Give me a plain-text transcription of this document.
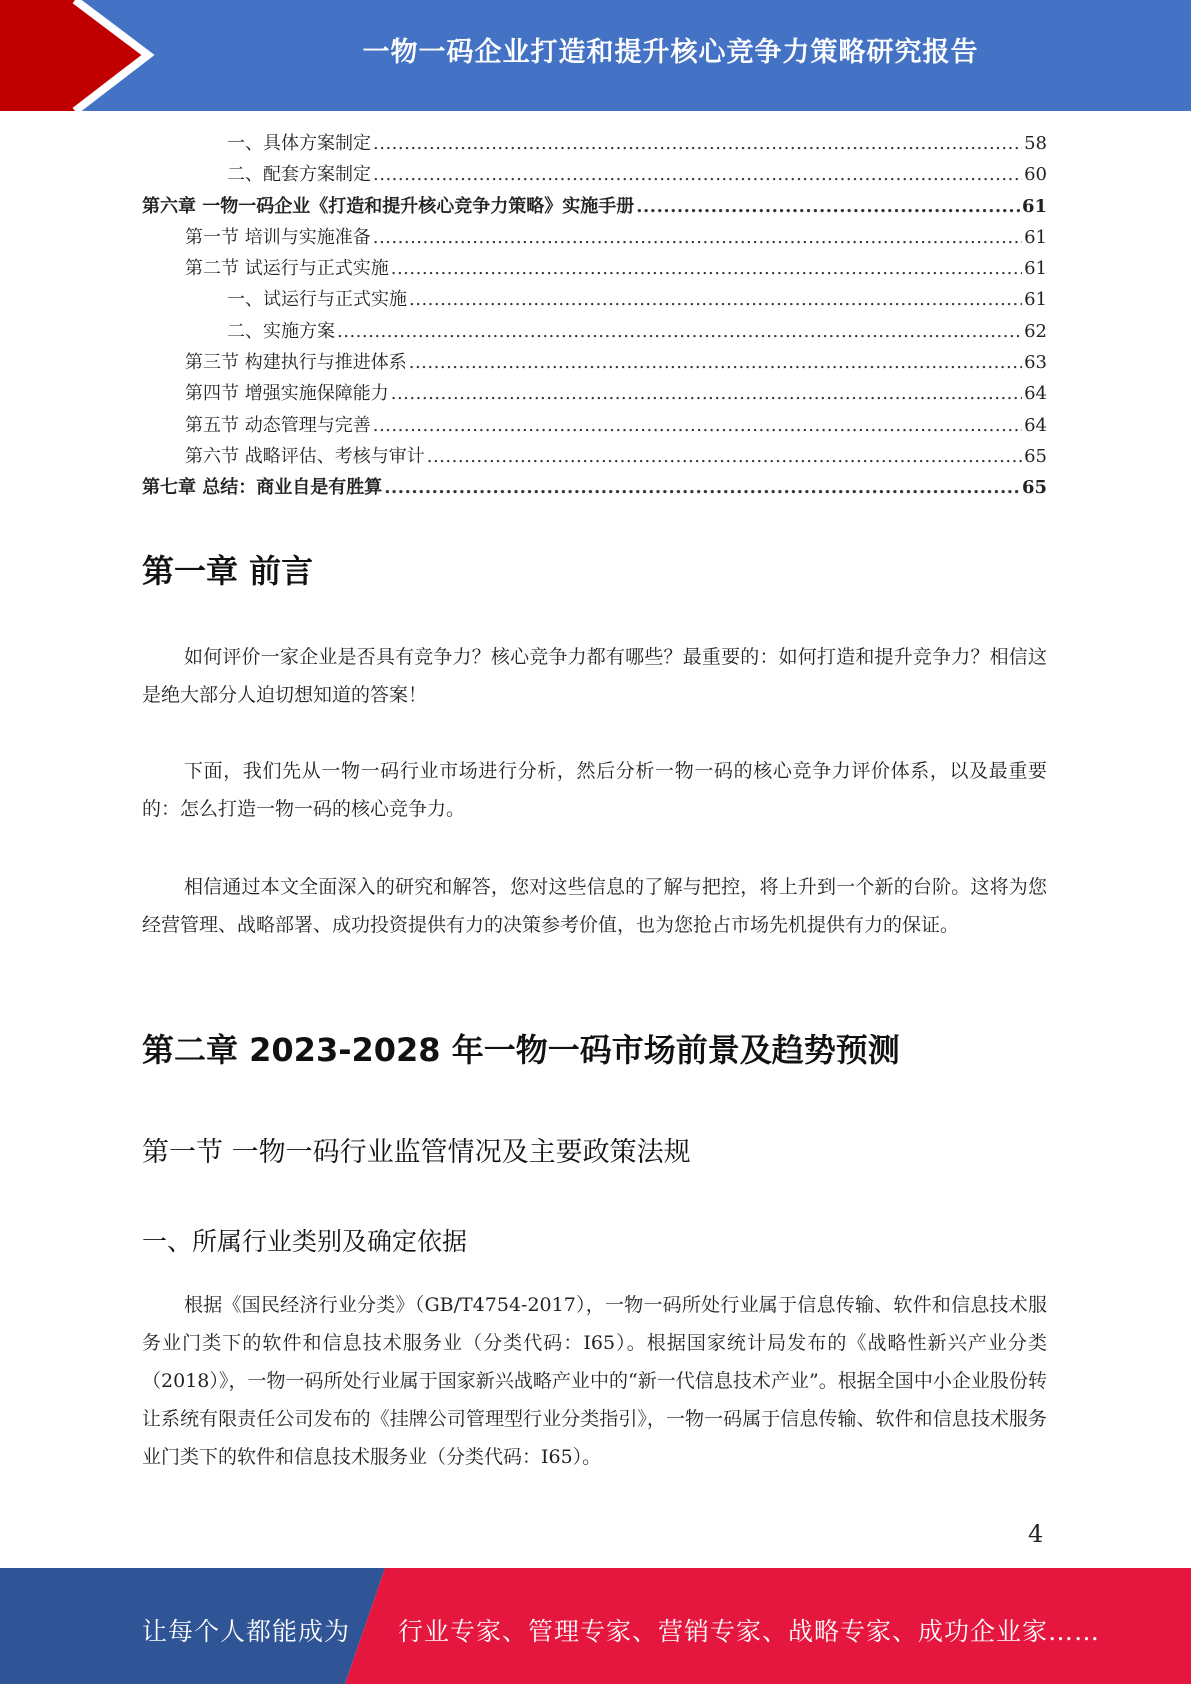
一物一码企业打造和提升核心竞争力策略研究报告
一、具体方案制定 .....	58
二、配套方案制定 .....	60
第六章 一物一码企业《打造和提升核心竞争力策略》实施手册 .....	61
第一节 培训与实施准备 .....	61
第二节 试运行与正式实施 .....	61
一、试运行与正式实施 .....	61
二、实施方案 .....	62
第三节 构建执行与推进体系 .....	63
第四节 增强实施保障能力 .....	64
第五节 动态管理与完善 .....	64
第六节 战略评估、考核与审计 .....	65
第七章 总结：商业自是有胜算 .....	65
第一章 前言
如何评价一家企业是否具有竞争力？核心竞争力都有哪些？最重要的：如何打造和提升竞争力？相信这是绝大部分人迫切想知道的答案！
下面，我们先从一物一码行业市场进行分析，然后分析一物一码的核心竞争力评价体系，以及最重要的：怎么打造一物一码的核心竞争力。
相信通过本文全面深入的研究和解答，您对这些信息的了解与把控，将上升到一个新的台阶。这将为您经营管理、战略部署、成功投资提供有力的决策参考价值，也为您抢占市场先机提供有力的保证。
第二章 2023-2028 年一物一码市场前景及趋势预测
第一节 一物一码行业监管情况及主要政策法规
一、所属行业类别及确定依据
根据《国民经济行业分类》（GB/T4754-2017），一物一码所处行业属于信息传输、软件和信息技术服务业门类下的软件和信息技术服务业（分类代码：I65）。根据国家统计局发布的《战略性新兴产业分类（2018）》，一物一码所处行业属于国家新兴战略产业中的“新一代信息技术产业”。根据全国中小企业股份转让系统有限责任公司发布的《挂牌公司管理型行业分类指引》，一物一码属于信息传输、软件和信息技术服务业门类下的软件和信息技术服务业（分类代码：I65）。
4
让每个人都能成为 行业专家、管理专家、营销专家、战略专家、成功企业家……
